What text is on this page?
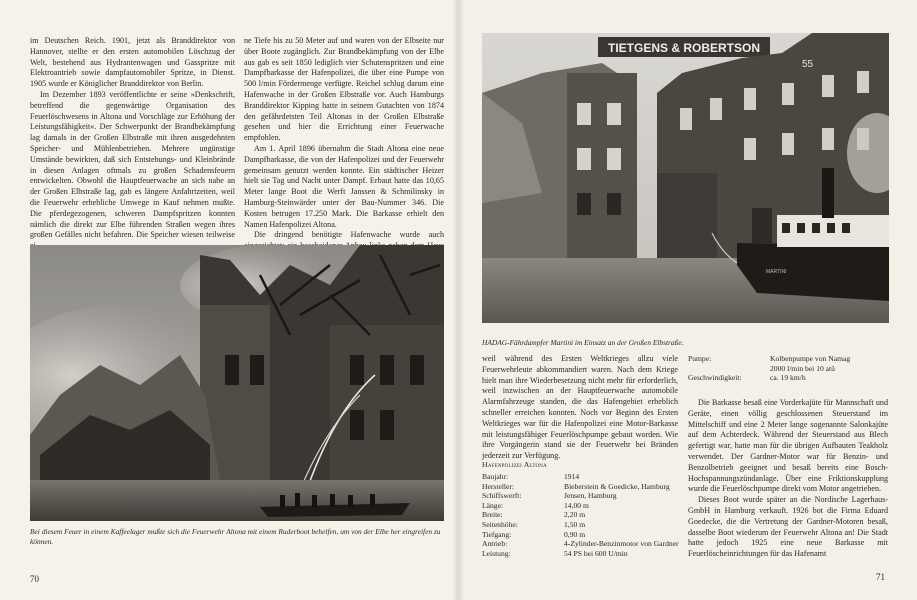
im Deutschen Reich. 1901, jetzt als Branddirektor von Hannover, stellte er den ersten automobilen Löschzug der Welt, bestehend aus Hydrantenwagen und Gasspritze mit Elektroantrieb sowie dampfautomobiler Spritze, in Dienst. 1905 wurde er Königlicher Branddirektor von Berlin.

Im Dezember 1893 veröffentlichte er seine »Denkschrift, betreffend die gegenwärtige Organisation des Feuerlöschwesens in Altona und Vorschläge zur Erhöhung der Leistungsfähigkeit«. Der Schwerpunkt der Brandbekämpfung lag damals in der Großen Elbstraße mit ihren ausgedehnten Speicher- und Mühlenbetrieben. Mehrere ungünstige Umstände bewirkten, daß sich Entstehungs- und Kleinbrände in diesen Anlagen oftmals zu großen Schadensfeuern entwickelten. Obwohl die Hauptfeuerwache an sich nahe an der Großen Elbstraße lag, gab es längere Anfahrtzeiten, weil die Feuerwehr erhebliche Umwege in Kauf nehmen mußte. Die pferdegezogenen, schweren Dampfspritzen konnten nämlich die direkt zur Elbe führenden Straßen wegen ihres großen Gefälles nicht befahren. Die Speicher wiesen teilweise

ne Tiefe bis zu 50 Meter auf und waren von der Elbseite nur über Boote zugänglich. Zur Brandbekämpfung von der Elbe aus gab es seit 1850 lediglich vier Schutenspritzen und eine Dampfbarkasse der Hafenpolizei, die über eine Pumpe von 500 l/min Fördermenge verfügte. Reichel schlug darum eine Hafenwache in der Großen Elbstraße vor. Auch Hamburgs Branddirektor Kipping hatte in seinem Gutachten von 1874 den gefährdetsten Teil Altonas in der Großen Elbstraße gesehen und hier die Errichtung einer Feuerwache empfohlen.

Am 1. April 1896 übernahm die Stadt Altona eine neue Dampfbarkasse, die von der Hafenpolizei und der Feuerwehr gemeinsam genutzt werden konnte. Ein städtischer Heizer hielt sie Tag und Nacht unter Dampf. Erbaut hatte das 10,65 Meter lange Boot die Werft Janssen & Schmilinsky in Hamburg-Steinwärder unter der Bau-Nummer 346. Die Kosten betrugen 17.250 Mark. Die Barkasse erhielt den Namen Hafenpolizei Altona.

Die dringend benötigte Hafenwache wurde auch

Bei diesem Feuer in einem Kaffeelager mußte sich die Feuerwehr Altona mit einem Ruderboot behelfen, um von der Elbe her eingreifen zu können.
70
TIETGENS & ROBERTSON
55
MARTINI
HADAG-Fährdampfer Martini im Einsatz an der Großen Elbstraße.

weil während des Ersten Weltkrieges allzu viele Feuerwehrleute abkommandiert waren. Nach dem Kriege hielt man ihre Wiederbesetzung nicht mehr für erforderlich, weil inzwischen an der Hauptfeuerwache automobile Alarmfahrzeuge standen, die das Hafengebiet erheblich schneller erreichen konnten. Noch vor Beginn des Ersten Weltkrieges war für die Hafenpolizei eine Motor-Barkasse mit leistungsfähiger Feuerlöschpumpe gebaut worden. Wie ihre Vorgängerin stand sie der Feuerwehr bei Bränden jederzeit zur Verfügung.

Hafenpolizei Altona
Baujahr:	1914
Hersteller:	Bieberstein & Goedicke, Hamburg
Schiffswerft:	Jensen, Hamburg
Länge:	14,00 m
Breite:	2,20 m
Seitenhöhe:	1,50 m
Tiefgang:	0,90 m
Antrieb:	4-Zylinder-Benzinmotor von Gardner
Leistung:	54 PS bei 600 U/min
Pumpe:	Kolbenpumpe von Namag
	2000 l/min bei 10 atü
Geschwindigkeit:	ca. 19 km/h

Die Barkasse besaß eine Vorderkajüte für Mannschaft und Geräte, einen völlig geschlossenen Steuerstand im Mittelschiff und eine 2 Meter lange sogenannte Salonkajüte auf dem Achterdeck. Während der Steuerstand aus Blech gefertigt war, hatte man für die übrigen Aufbauten Teakholz verwendet. Der Gardner-Motor war für Benzin- und Benzolbetrieb geeignet und besaß bereits eine Bosch-Hochspannungszündanlage. Über eine Friktionskupplung wurde die Feuerlöschpumpe direkt vom Motor angetrieben.

Dieses Boot wurde später an die Nordische Lagerhaus-GmbH in Hamburg verkauft. 1926 bot die Firma Eduard Goedecke, die die Vertretung der Gardner-Motoren besaß, dasselbe Boot wiederum der Feuerwehr Altona an! Die Stadt hatte jedoch 1925 eine neue Barkasse mit Feuerlöscheinrichtungen für das Hafenamt

71
